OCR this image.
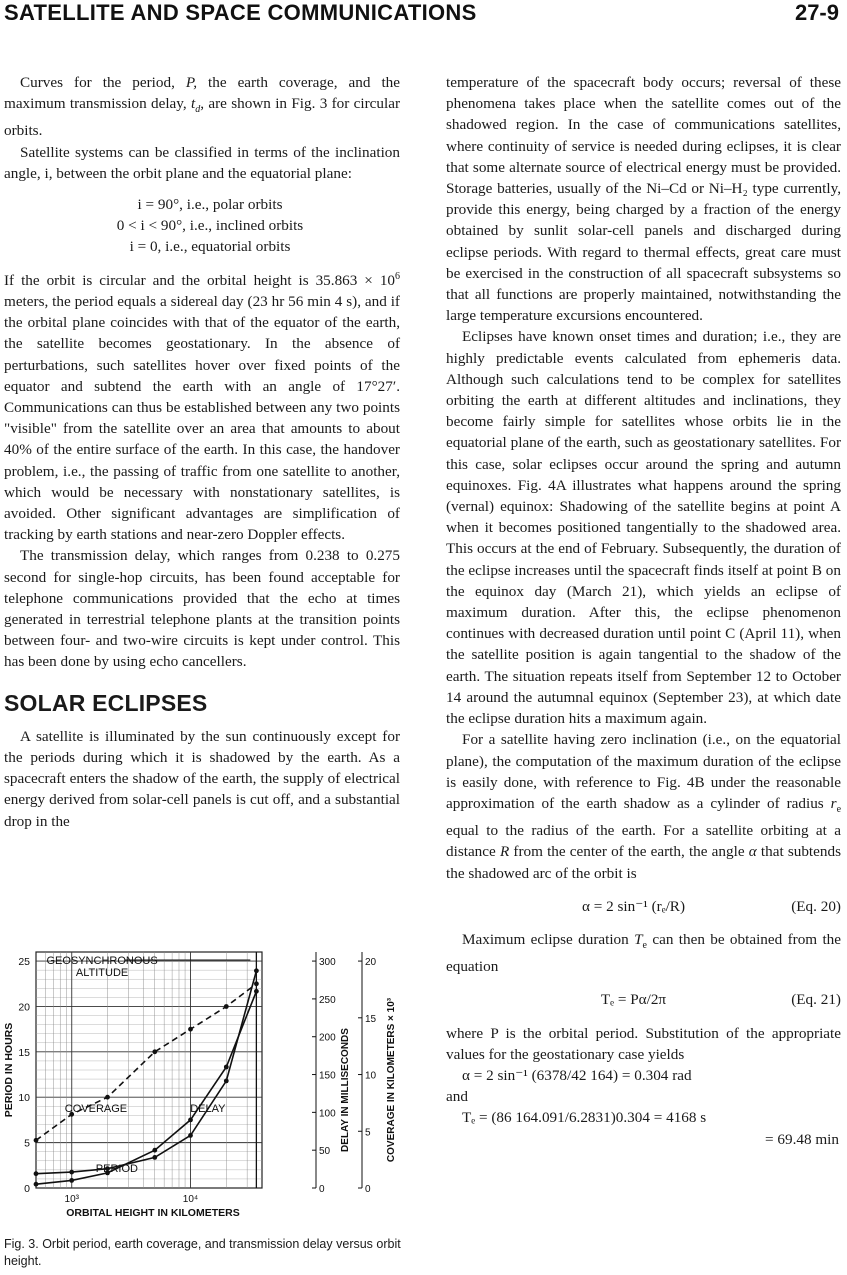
SATELLITE AND SPACE COMMUNICATIONS	27-9

Curves for the period, P, the earth coverage, and the maximum transmission delay, $t_d$, are shown in Fig. 3 for circular orbits.

Satellite systems can be classified in terms of the inclination angle, i, between the orbit plane and the equatorial plane:

i = 90°, i.e., polar orbits

0 < i < 90°, i.e., inclined orbits

i = 0, i.e., equatorial orbits

If the orbit is circular and the orbital height is $35.863 \times 10^6$ meters, the period equals a sidereal day (23 hr 56 min 4 s), and if the orbital plane coincides with that of the equator of the earth, the satellite becomes geostationary. In the absence of perturbations, such satellites hover over fixed points of the equator and subtend the earth with an angle of 17°27′. Communications can thus be established between any two points "visible" from the satellite over an area that amounts to about 40% of the entire surface of the earth. In this case, the handover problem, i.e., the passing of traffic from one satellite to another, which would be necessary with nonstationary satellites, is avoided. Other significant advantages are simplification of tracking by earth stations and near-zero Doppler effects.

The transmission delay, which ranges from 0.238 to 0.275 second for single-hop circuits, has been found acceptable for telephone communications provided that the echo at times generated in terrestrial telephone plants at the transition points between four- and two-wire circuits is kept under control. This has been done by using echo cancellers.

SOLAR ECLIPSES

A satellite is illuminated by the sun continuously except for the periods during which it is shadowed by the earth. As a spacecraft enters the shadow of the earth, the supply of electrical energy derived from solar-cell panels is cut off, and a substantial drop in the

temperature of the spacecraft body occurs; reversal of these phenomena takes place when the satellite comes out of the shadowed region. In the case of communications satellites, where continuity of service is needed during eclipses, it is clear that some alternate source of electrical energy must be provided. Storage batteries, usually of the Ni–Cd or Ni–H₂ type currently, provide this energy, being charged by a fraction of the energy obtained by sunlit solar-cell panels and discharged during eclipse periods. With regard to thermal effects, great care must be exercised in the construction of all spacecraft subsystems so that all functions are properly maintained, notwithstanding the large temperature excursions encountered.

Eclipses have known onset times and duration; i.e., they are highly predictable events calculated from ephemeris data. Although such calculations tend to be complex for satellites orbiting the earth at different altitudes and inclinations, they become fairly simple for satellites whose orbits lie in the equatorial plane of the earth, such as geostationary satellites. For this case, solar eclipses occur around the spring and autumn equinoxes. Fig. 4A illustrates what happens around the spring (vernal) equinox: Shadowing of the satellite begins at point A when it becomes positioned tangentially to the shadowed area. This occurs at the end of February. Subsequently, the duration of the eclipse increases until the spacecraft finds itself at point B on the equinox day (March 21), which yields an eclipse of maximum duration. After this, the eclipse phenomenon continues with decreased duration until point C (April 11), when the satellite position is again tangential to the shadow of the earth. The situation repeats itself from September 12 to October 14 around the autumnal equinox (September 23), at which date the eclipse duration hits a maximum again.

For a satellite having zero inclination (i.e., on the equatorial plane), the computation of the maximum duration of the eclipse is easily done, with reference to Fig. 4B under the reasonable approximation of the earth shadow as a cylinder of radius $r_e$ equal to the radius of the earth. For a satellite orbiting at a distance R from the center of the earth, the angle α that subtends the shadowed arc of the orbit is

α = 2 sin⁻¹ (rₑ/R)	(Eq. 20)

Maximum eclipse duration $T_e$ can then be obtained from the equation

Tₑ = Pα/2π	(Eq. 21)

where P is the orbital period. Substitution of the appropriate values for the geostationary case yields

α = 2 sin⁻¹ (6378/42 164) = 0.304 rad

and

Tₑ = (86 164.091/6.2831)0.304 = 4168 s

= 69.48 min

GEOSYNCHRONOUS
ALTITUDE
COVERAGE	DELAY
PERIOD
0
5
10
15
20
25
0
50
100
150
200
250
300
0
5
10
15
20
10³	10⁴
ORBITAL HEIGHT IN KILOMETERS
PERIOD IN HOURS	DELAY IN MILLISECONDS	COVERAGE IN KILOMETERS × 10³
Fig. 3. Orbit period, earth coverage, and transmission delay versus orbit height.
